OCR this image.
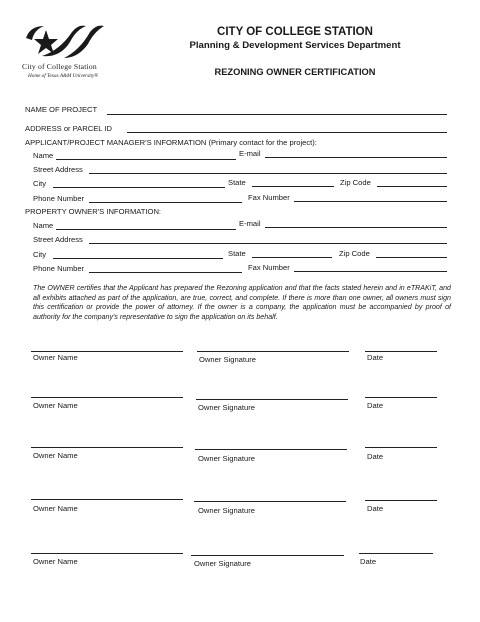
City of College Station
Home of Texas A&M University®
CITY OF COLLEGE STATION
Planning & Development Services Department
REZONING OWNER CERTIFICATION
NAME OF PROJECT
ADDRESS or PARCEL ID
APPLICANT/PROJECT MANAGER'S INFORMATION (Primary contact for the project):
Name	E-mail
Street Address
City	State	Zip Code
Phone Number	Fax Number
PROPERTY OWNER'S INFORMATION:
Name	E-mail
Street Address
City	State	Zip Code
Phone Number	Fax Number
The OWNER certifies that the Applicant has prepared the Rezoning application and that the facts stated herein and in eTRAKiT, and all exhibits attached as part of the application, are true, correct, and complete. If there is more than one owner, all owners must sign this certification or provide the power of attorney. If the owner is a company, the application must be accompanied by proof of authority for the company's representative to sign the application on its behalf.
Owner Name	Owner Signature	Date
Owner Name	Owner Signature	Date
Owner Name	Owner Signature	Date
Owner Name	Owner Signature	Date
Owner Name	Owner Signature	Date
